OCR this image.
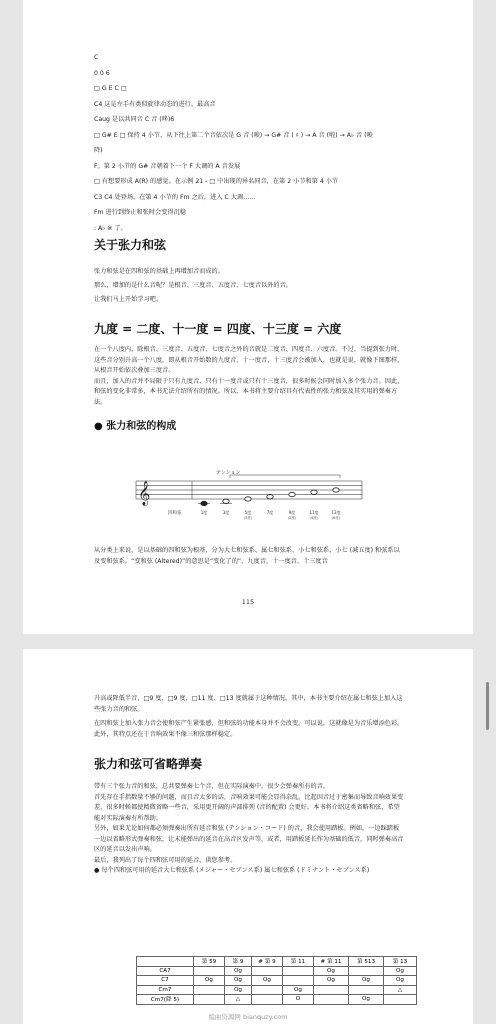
C

0 0 6

□ G E C □

C4 这是左手有类似旋律动态的进行。最高音

Caug 是以共同音 C 音 (哆)6

□ G# E □ 保持 4 小节，从下往上第二个音依次是 G 音 (唆) → G# 音 ( ♯ ) → A 音 (啦) → A♭ 音 (唆

降)

F。第 2 小节的 G# 音朝着下一个 F 大调的 A 音发展

□ 有想要形成 A(R) 的感觉。在示例 21 - □ 中出现的异名同音，在第 2 小节和第 4 小节

C3 C4 处登场。在第 4 小节的 Fm 之后，进入 C 大调……

Fm 进行到终止和张时会变得沉稳

: A♭ ※ 了。

关于张力和弦

张力和弦是在四和弦的基础上再增加音而成的。

那么，增加的是什么音呢？是根音、三度音、五度音、七度音以外的音。

让我们马上开始学习吧。

九度 = 二度、十一度 = 四度、十三度 = 六度

在一个八度内，除根音、三度音、五度音、七度音之外的音就是二度音、四度音、六度音。不过，当提到张力时，这些音分别升高一个八度，即从根音开始数的九度音、十一度音、十三度音会被加入，也就是说，就像下图那样，从根音开始依次叠加三度音。

而且，加入的音并不局限于只有九度音、只有十一度音或只有十三度音，很多时候会同时加入多个张力音。因此，和弦的变化非常多，本书无法介绍所有的情况。所以，本书将主要介绍具有代表性的张力和弦及其实用的弹奏方法。

● 张力和弦的构成
𝄞
テンション
1度	3度	5度
(5度)
7度	9度
(2度)
11度
(4度)
13度
(6度)
四和弦

从分类上来说，是以基础的四和弦为根基，分为大七和弦系、属七和弦系、小七和弦系、小七 (减五度) 和弦系以及变和弦系。“变和弦 (Altered)”的意思是“变化了的”，九度音、十一度音、十三度音

115

升高或降低半音，□9 度、□9 度、□11 度、□13 度就属于这种情况。其中，本书主要介绍在属七和弦上加入这些张力音的和弦。

在四和弦上加入张力音会使和弦产生紧张感，但和弦的功能本身并不会改变。可以说，这就像是为音乐增添色彩。此外，其特点还在于音响效果不像三和弦那样稳定。

张力和弦可省略弹奏

带有三个张力音的和弦，总共要弹奏七个音，但在实际演奏中，很少会弹奏所有的音。

首先存在手指数量不够的问题，而且音太多的话，音响效果可能会显得杂乱。比起因音过于密集而导致音响效果变差，很多时候都使精微省略一些音，采用更开阔的声部排列 (音的配置) 会更好。本书将介绍这类省略和弦，希望能对实际演奏有所帮助。

另外，如果无论如何都必须弹奏出所有延音和弦 (テンション・コード) 的音，我会使用踏板。例如，一边踩踏板一边以省略形式弹奏和弦，让未能弹出的延音在高音区发声等。或者，用踏板延长作为基础的低音，同时弹奏高音区的延音以发出声响。

最后，我列出了每个四和弦可用的延音，供您参考。

● 每个四和弦可用的延音大七和弦系 (メジャー・セブンス系) 属七和弦系 (ドミナント・セブンス系)

	第 59	第 9	# 第 9	第 11	# 第 11	第 513	第 13
CA7		Og			Og		Og
C7	Og	Og	Og		Og	Og	Og
Cm7		Og		Og			△
Cm7(降 5)		△		O		Og	
编曲资源网 bianquzy.com
